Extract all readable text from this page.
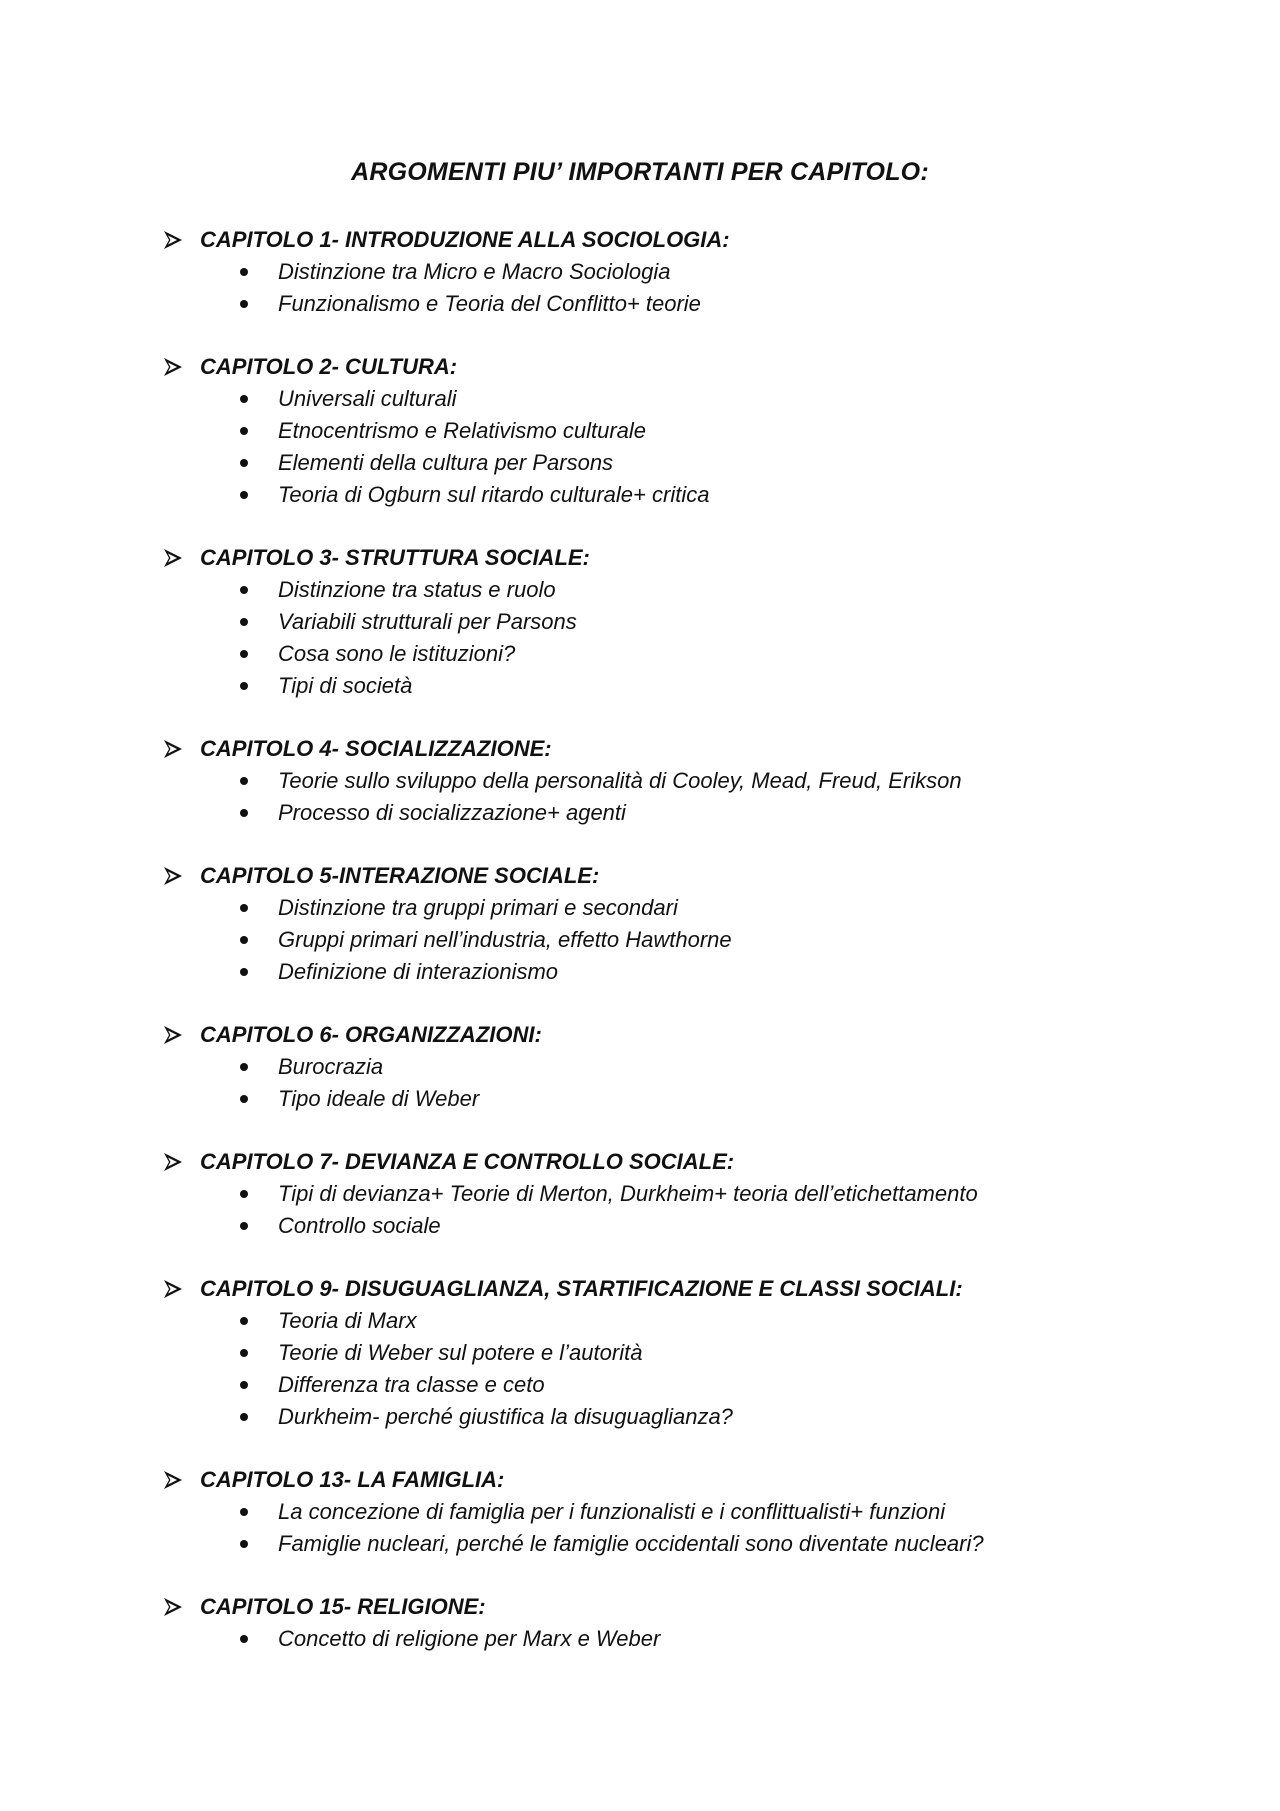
ARGOMENTI PIU’ IMPORTANTI PER CAPITOLO:
CAPITOLO 1- INTRODUZIONE ALLA SOCIOLOGIA:
Distinzione tra Micro e Macro Sociologia
Funzionalismo e Teoria del Conflitto+ teorie
CAPITOLO 2- CULTURA:
Universali culturali
Etnocentrismo e Relativismo culturale
Elementi della cultura per Parsons
Teoria di Ogburn sul ritardo culturale+ critica
CAPITOLO 3- STRUTTURA SOCIALE:
Distinzione tra status e ruolo
Variabili strutturali per Parsons
Cosa sono le istituzioni?
Tipi di società
CAPITOLO 4- SOCIALIZZAZIONE:
Teorie sullo sviluppo della personalità di Cooley, Mead, Freud, Erikson
Processo di socializzazione+ agenti
CAPITOLO 5-INTERAZIONE SOCIALE:
Distinzione tra gruppi primari e secondari
Gruppi primari nell’industria, effetto Hawthorne
Definizione di interazionismo
CAPITOLO 6- ORGANIZZAZIONI:
Burocrazia
Tipo ideale di Weber
CAPITOLO 7- DEVIANZA E CONTROLLO SOCIALE:
Tipi di devianza+ Teorie di Merton, Durkheim+ teoria dell’etichettamento
Controllo sociale
CAPITOLO 9- DISUGUAGLIANZA, STARTIFICAZIONE E CLASSI SOCIALI:
Teoria di Marx
Teorie di Weber sul potere e l’autorità
Differenza tra classe e ceto
Durkheim- perché giustifica la disuguaglianza?
CAPITOLO 13- LA FAMIGLIA:
La concezione di famiglia per i funzionalisti e i conflittualisti+ funzioni
Famiglie nucleari, perché le famiglie occidentali sono diventate nucleari?
CAPITOLO 15- RELIGIONE:
Concetto di religione per Marx e Weber
